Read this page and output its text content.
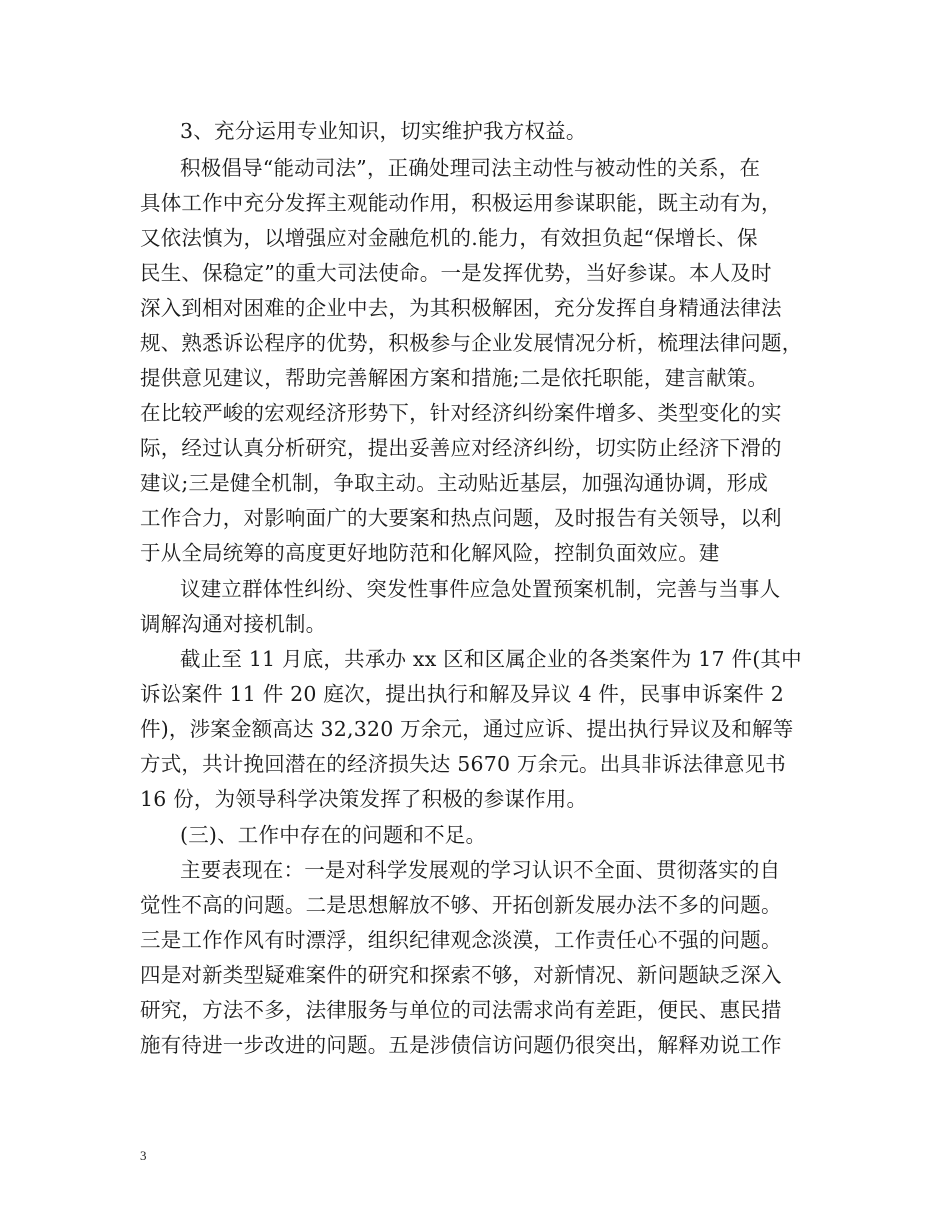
3、充分运用专业知识，切实维护我方权益。
积极倡导“能动司法”，正确处理司法主动性与被动性的关系，在
具体工作中充分发挥主观能动作用，积极运用参谋职能，既主动有为，
又依法慎为，以增强应对金融危机的.能力，有效担负起“保增长、保
民生、保稳定”的重大司法使命。一是发挥优势，当好参谋。本人及时
深入到相对困难的企业中去，为其积极解困，充分发挥自身精通法律法
规、熟悉诉讼程序的优势，积极参与企业发展情况分析，梳理法律问题，
提供意见建议，帮助完善解困方案和措施;二是依托职能，建言献策。
在比较严峻的宏观经济形势下，针对经济纠纷案件增多、类型变化的实
际，经过认真分析研究，提出妥善应对经济纠纷，切实防止经济下滑的
建议;三是健全机制，争取主动。主动贴近基层，加强沟通协调，形成
工作合力，对影响面广的大要案和热点问题，及时报告有关领导，以利
于从全局统筹的高度更好地防范和化解风险，控制负面效应。建
议建立群体性纠纷、突发性事件应急处置预案机制，完善与当事人
调解沟通对接机制。
截止至 11 月底，共承办 xx 区和区属企业的各类案件为 17 件(其中
诉讼案件 11 件 20 庭次，提出执行和解及异议 4 件，民事申诉案件 2
件)，涉案金额高达 32,320 万余元，通过应诉、提出执行异议及和解等
方式，共计挽回潜在的经济损失达 5670 万余元。出具非诉法律意见书
16 份，为领导科学决策发挥了积极的参谋作用。
(三)、工作中存在的问题和不足。
主要表现在：一是对科学发展观的学习认识不全面、贯彻落实的自
觉性不高的问题。二是思想解放不够、开拓创新发展办法不多的问题。
三是工作作风有时漂浮，组织纪律观念淡漠，工作责任心不强的问题。
四是对新类型疑难案件的研究和探索不够，对新情况、新问题缺乏深入
研究，方法不多，法律服务与单位的司法需求尚有差距，便民、惠民措
施有待进一步改进的问题。五是涉债信访问题仍很突出，解释劝说工作
3
